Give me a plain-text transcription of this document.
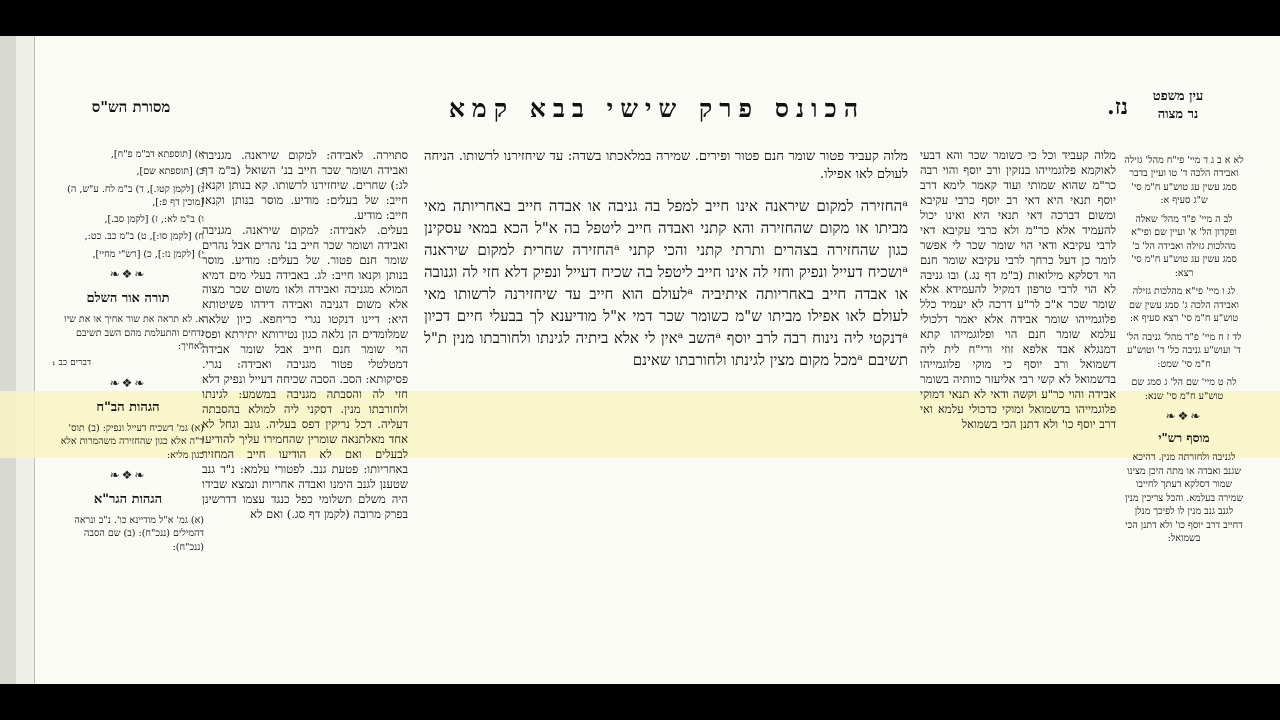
הכונס פרק שישי בבא קמא	נז.
מסורת הש"ס
עין משפט
נר מצוה
לא א ב ג ד מיי' פי"ח מהל' גזילה ואבידה הלכה ד' טו ועיין בדבר סמג עשין עג טוש"ע ח"מ סי' ש"ג סעיף א:
לב ה מיי' פ"ד מהל' שאלה ופקדון הל' א' ועיין שם ופי"א מהלכות גזילה ואבידה הל' ב' סמג עשין עג טוש"ע ח"מ סי' רצא:
לג ו מיי' פי"א מהלכות גזילה ואבידה הלכה ג' סמג עשין שם טוש"ע ח"מ סי' רצא סעיף א:
לד ז ח מיי' פ"ד מהל' גניבה הל' ד' ועוש"ע גניבה כל' ד' וטוש"ע ח"מ סי' שמט:
לה ט מיי' שם הל' ג סמג שם טוש"ע ח"מ סי' שנא:
❧❖❧
מוסף רש"י
לגניבה ולחזרתה מנין. דהיכא שגנב ואבדה או מתה היכן מצינו שמור דסלקא דעתך לחייבו שמירה בעלמא. והכל צריכין מנין לגנב גנב מנין לו לפיכך מנלן דחייב דרב יוסף כו' ולא דתנן הכי בשמואל:
מלוה קעביד וכל כי כשומר שכר והא דבעי לאוקמא פלוגמייהו בנזקין ורב יוסף והוי רבה כר"מ שהוא שמותי ועוד קאמר לימא דרב יוסף תנאי היא דאי רב יוסף כרבי עקיבא ומשום דברכה דאי תנאי היא ואינו יכול להעמיד אלא כר"מ ולא כרבי עקיבא דאי לרבי עקיבא ודאי הוי שומר שכר לי אפשר לומר כן דעל כרחך לרבי עקיבא שומר חנם הוי דסלקא מילואות (ב"מ דף נג.) ובו גניבה לא הוי לרבי טרפון דמקיל להעמידא אלא שומר שכר א"כ לר"ע דרכה לא יעמיד כלל פלוגמייהו שומר אבידה אלא יאמר דלכולי עלמא שומר חנם הוי ופלוגמייהו קתא דמנגלא אבד אלפא זוזי ורי"ח לית ליה דשמואל ורב יוסף כי מוקי פלוגמייהו בדשמואל לא קשי רבי אליעזר כוותיה בשומר אבידה והוי כר"ע וקשה ודאי לא תנאי דמוקי פלוגמייהו בדשמואל ומוקי כדכולי עלמא ואי דרב יוסף כו' ולא דתנן הכי בשמואל
מלוה קעביד פטור שומר חנם פטור ופירים. שמירה במלאכתו בשדה: עד שיחזירנו לרשותו. הניחה לעולם לאו אפילו.
ᵃהחזירה למקום שיראנה אינו חייב למפל בה גניבה או אבדה חייב באחריותה מאי מביתו או מקום שהחזירה והא קתני ואבדה חייב ליטפל בה א"ל הכא במאי עסקינן כגון שהחזירה בצהרים ותרתי קתני והכי קתני ᵃהחזירה שחרית למקום שיראנה ᵃושכיח דעייל ונפיק וחזי לה אינו חייב ליטפל בה שכיח דעייל ונפיק דלא חזי לה וגנובה או אבדה חייב באחריותה איתיביה ᵃלעולם הוא חייב עד שיחזירנה לרשותו מאי לעולם לאו אפילו מביתו ש"מ כשומר שכר דמי א"ל מודיענא לך בבעלי חיים דכיון ᵃדנקטי ליה נינוח רבה לרב יוסף ᵃהשב ᵃאין לי אלא ביתיה לגינתו ולחורבתו מנין ת"ל תשיבם ᵃמכל מקום מצין לגינתו ולחורבתו שאינם
סתוירה. לאבידה: למקום שיראנה. מגניבה ואבידה ושומר שכר חייב בנ' השואל (ב"מ דף לג:) שחרים. שיחזירנו לרשותו. קא בנותן וקנאו חייב: של בעלים: מודיע. מוסר בנותן וקנאו חייב: מודיע.
בעלים. לאבידה: למקום שיראנה. מגניבה ואבידה ושומר שכר חייב בנ' נהרים אבל נהרים שומר חנם פטור. של בעלים: מודיע. מוסר בנותן וקנאו חייב: לג. באבידה בעלי מים דמיא המולא מגניבה ואבידה ולאו משום שכר מצוה אלא משום דגניבה ואבידה דידהו פשיטותא היא: דיינו דנקטו נגרי כריחפא. כיון שלאה שמלומדים הן נלאה כגון נטירותא יתירתא ופסי הוי שומר חנם חייב אבל שומר אבידה דמטלטלי פטור מגניבה ואבידה: נגרי. פסיקותא: הסב. הסבה שכיחה דעייל ונפיק דלא חזי לה והסבתה מגניבה במשמע: לגינתו ולחורבתו מנין. דסקני ליה למולא בהסבתה דעליה. דכל נריקין דפס בעליה. גונב וגחל לא אחד מאלתנאה שומרין שהחמירו עליך להודיעו לבעלים ואם לא הודיעו חייב המחזיר באחריותו: פטעת גנב. לפטורי עלמא: נ"ד גנב שטענן לגנב הימנו ואבדה אחריות ונמצא שבידו היה משלם תשלומי כפל כנגד עצמו דדרשינן בפרק מרובה (לקמן דף סג.) ואם לא
א) [תוספתא דב"מ פ"ח],
ב) [תוספתא שם],
ג) [לקמן קטו.], ד) ב"מ לח. ע"ש, ה) [מוכין דף פ:],
ו) ב"מ לא:, ז) [לקמן סב.],
ח) [לקמן סו:], ט) ב"מ כב. כט:,
י) [לקמן נז:], כ) [רש"י מחיי],
❧❖❧
תורה אור השלם
א. לא תראה את שור אחיך או את שיו נדחים והתעלמת מהם השב תשיבם לאחיך:
דברים כב ₁
❧❖❧
הגהות הב"ח
(א) גמ' דשכיח דעייל ונפיק: (ב) תוס' ד"ה אלא כגון שהחזירה משהמרות אלא כגון מליא:
❧❖❧
הגהות הגר"א
(א) גמ' א"ל מודיינא כו'. נ"ב ונראה דהמילים (ננכ"ח): (ב) שם הסבה (ננכ"ח):
